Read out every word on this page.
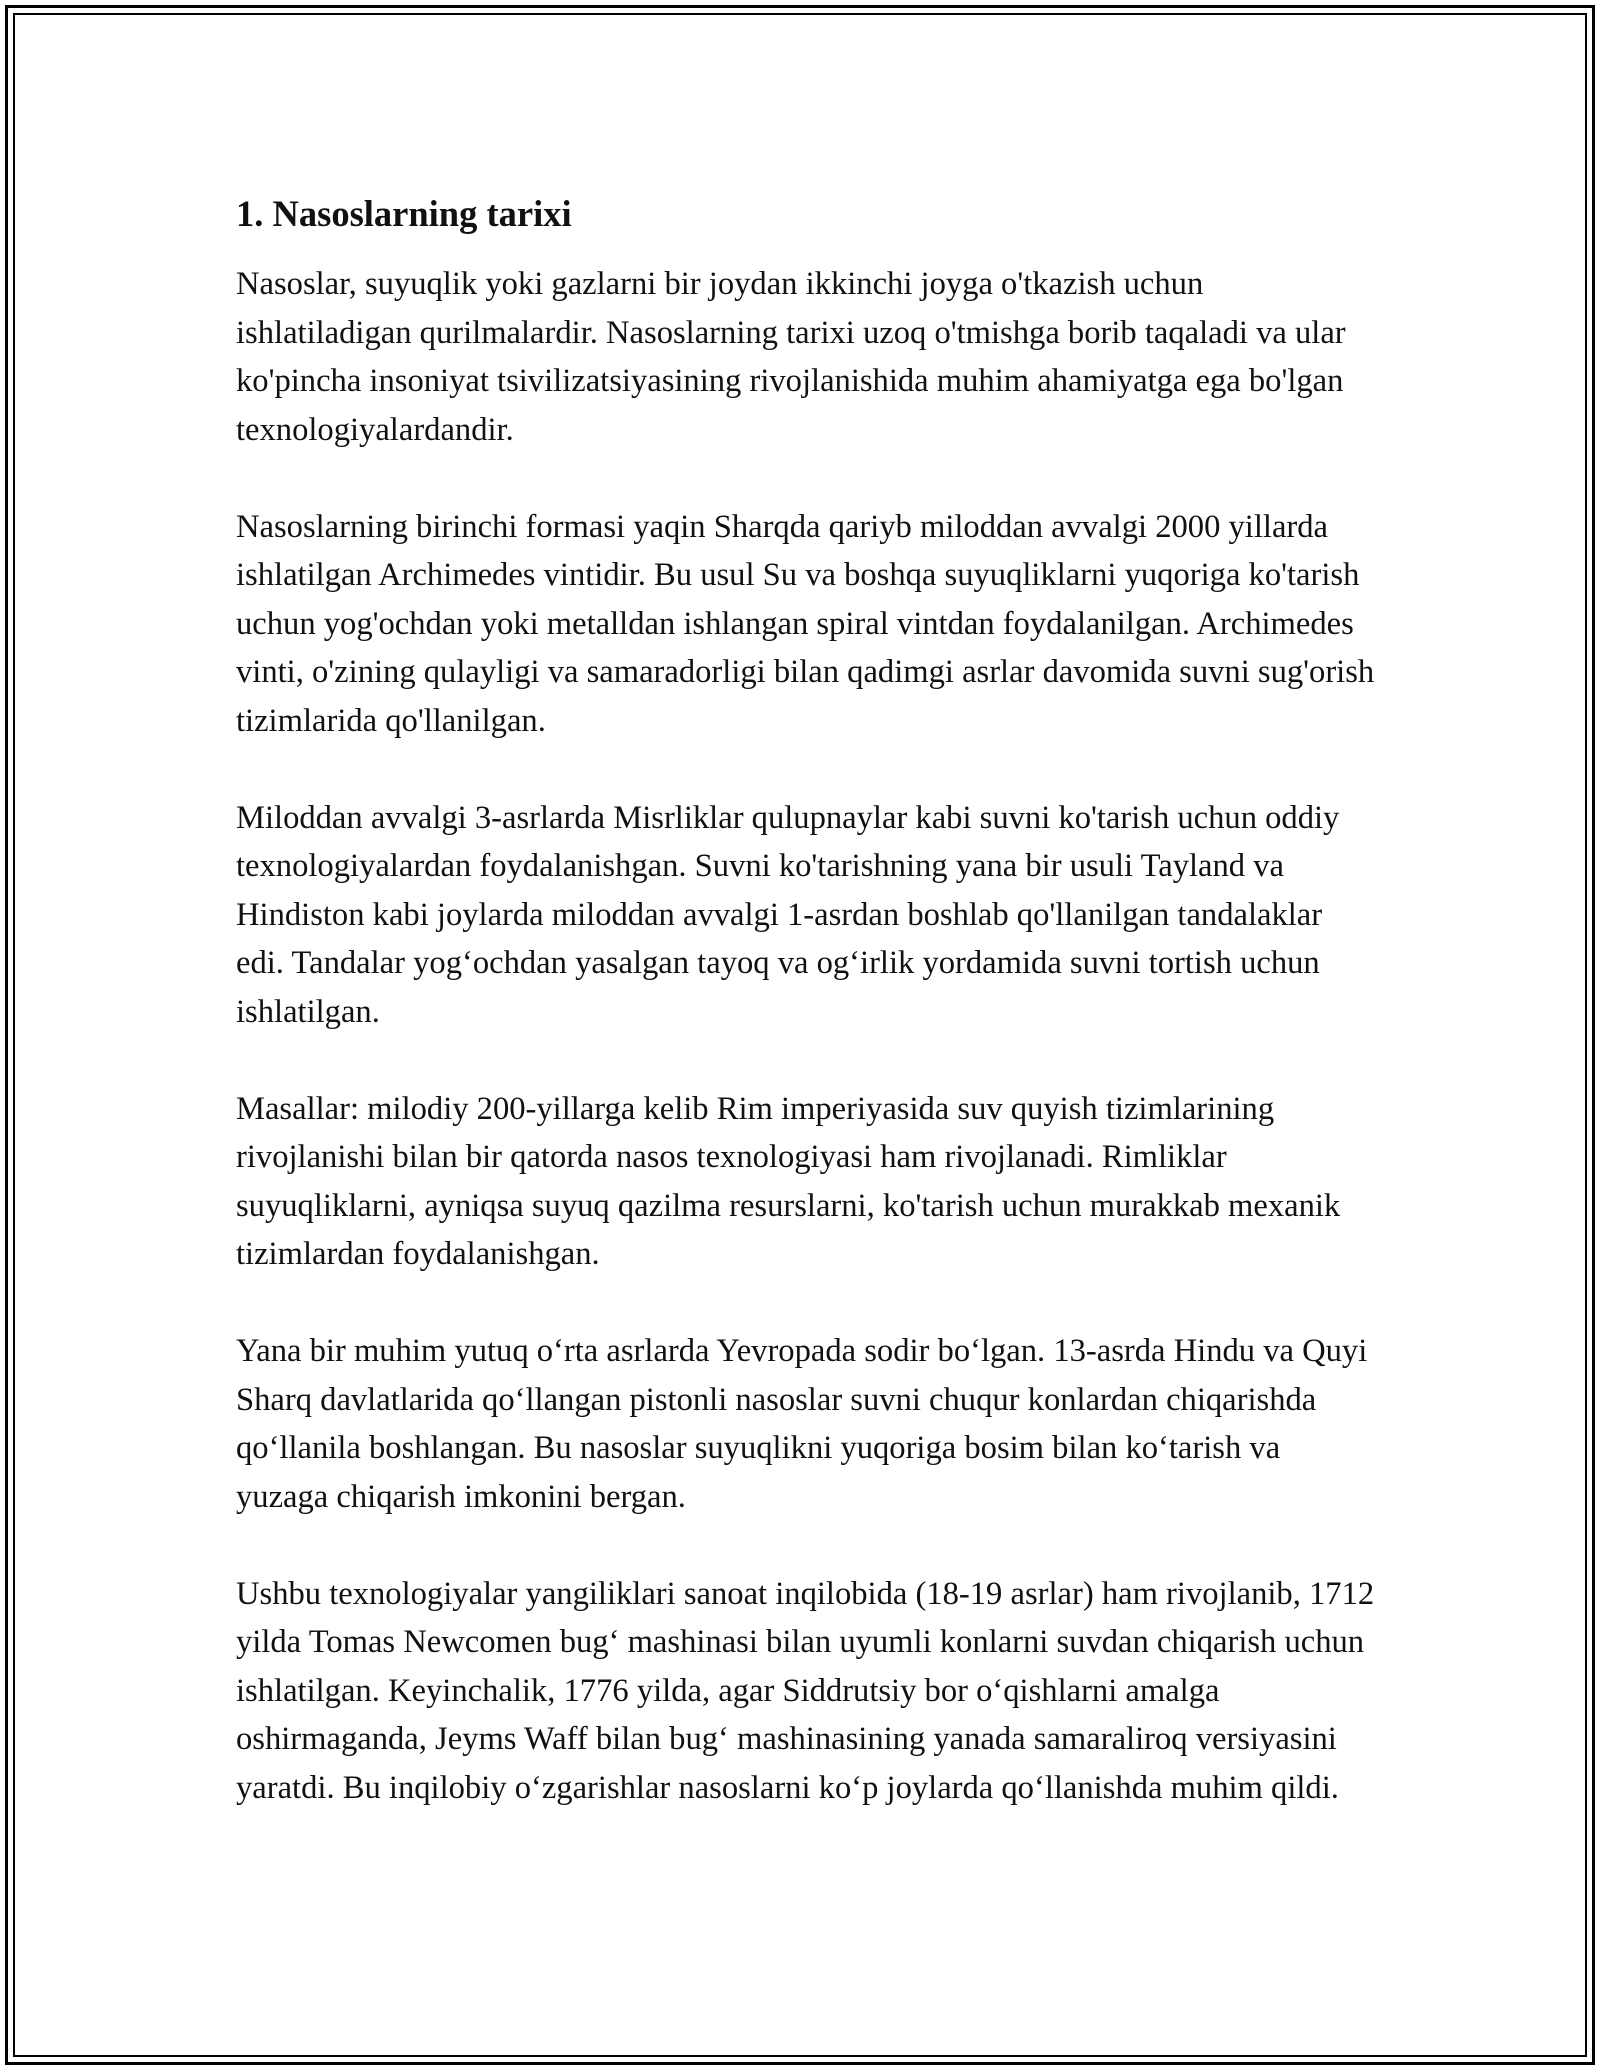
1. Nasoslarning tarixi

Nasoslar, suyuqlik yoki gazlarni bir joydan ikkinchi joyga o'tkazish uchun ishlatiladigan qurilmalardir. Nasoslarning tarixi uzoq o'tmishga borib taqaladi va ular ko'pincha insoniyat tsivilizatsiyasining rivojlanishida muhim ahamiyatga ega bo'lgan texnologiyalardandir.

Nasoslarning birinchi formasi yaqin Sharqda qariyb miloddan avvalgi 2000 yillarda ishlatilgan Archimedes vintidir. Bu usul Su va boshqa suyuqliklarni yuqoriga ko'tarish uchun yog'ochdan yoki metalldan ishlangan spiral vintdan foydalanilgan. Archimedes vinti, o'zining qulayligi va samaradorligi bilan qadimgi asrlar davomida suvni sug'orish tizimlarida qo'llanilgan.

Miloddan avvalgi 3-asrlarda Misrliklar qulupnaylar kabi suvni ko'tarish uchun oddiy texnologiyalardan foydalanishgan. Suvni ko'tarishning yana bir usuli Tayland va Hindiston kabi joylarda miloddan avvalgi 1-asrdan boshlab qo'llanilgan tandalaklar edi. Tandalar yog‘ochdan yasalgan tayoq va og‘irlik yordamida suvni tortish uchun ishlatilgan.

Masallar: milodiy 200-yillarga kelib Rim imperiyasida suv quyish tizimlarining rivojlanishi bilan bir qatorda nasos texnologiyasi ham rivojlanadi. Rimliklar suyuqliklarni, ayniqsa suyuq qazilma resurslarni, ko'tarish uchun murakkab mexanik tizimlardan foydalanishgan.

Yana bir muhim yutuq o‘rta asrlarda Yevropada sodir bo‘lgan. 13-asrda Hindu va Quyi Sharq davlatlarida qo‘llangan pistonli nasoslar suvni chuqur konlardan chiqarishda qo‘llanila boshlangan. Bu nasoslar suyuqlikni yuqoriga bosim bilan ko‘tarish va yuzaga chiqarish imkonini bergan.

Ushbu texnologiyalar yangiliklari sanoat inqilobida (18-19 asrlar) ham rivojlanib, 1712 yilda Tomas Newcomen bug‘ mashinasi bilan uyumli konlarni suvdan chiqarish uchun ishlatilgan. Keyinchalik, 1776 yilda, agar Siddrutsiy bor o‘qishlarni amalga oshirmaganda, Jeyms Waff bilan bug‘ mashinasining yanada samaraliroq versiyasini yaratdi. Bu inqilobiy o‘zgarishlar nasoslarni ko‘p joylarda qo‘llanishda muhim qildi.
